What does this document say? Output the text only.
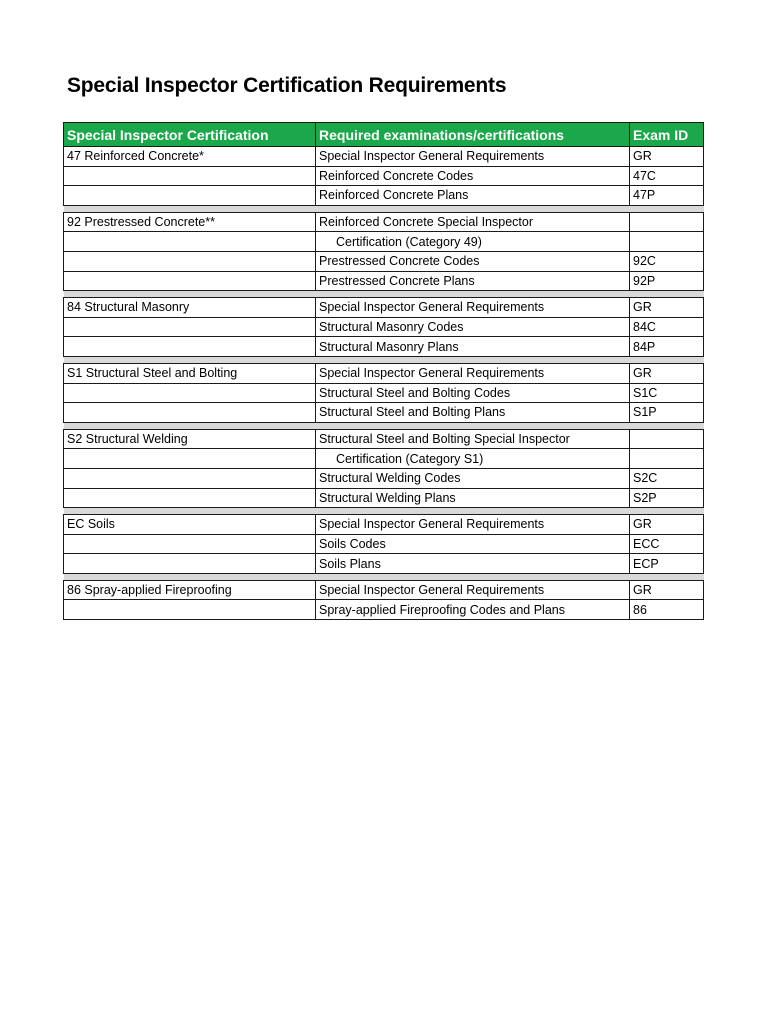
Special Inspector Certification Requirements
Special Inspector Certification	Required examinations/certifications	Exam ID
47 Reinforced Concrete*	Special Inspector General Requirements	GR
	Reinforced Concrete Codes	47C
	Reinforced Concrete Plans	47P

92 Prestressed Concrete**	Reinforced Concrete Special Inspector	
	Certification (Category 49)	
	Prestressed Concrete Codes	92C
	Prestressed Concrete Plans	92P

84 Structural Masonry	Special Inspector General Requirements	GR
	Structural Masonry Codes	84C
	Structural Masonry Plans	84P

S1 Structural Steel and Bolting	Special Inspector General Requirements	GR
	Structural Steel and Bolting Codes	S1C
	Structural Steel and Bolting Plans	S1P

S2 Structural Welding	Structural Steel and Bolting Special Inspector	
	Certification (Category S1)	
	Structural Welding Codes	S2C
	Structural Welding Plans	S2P

EC Soils	Special Inspector General Requirements	GR
	Soils Codes	ECC
	Soils Plans	ECP

86 Spray-applied Fireproofing	Special Inspector General Requirements	GR
	Spray-applied Fireproofing Codes and Plans	86
